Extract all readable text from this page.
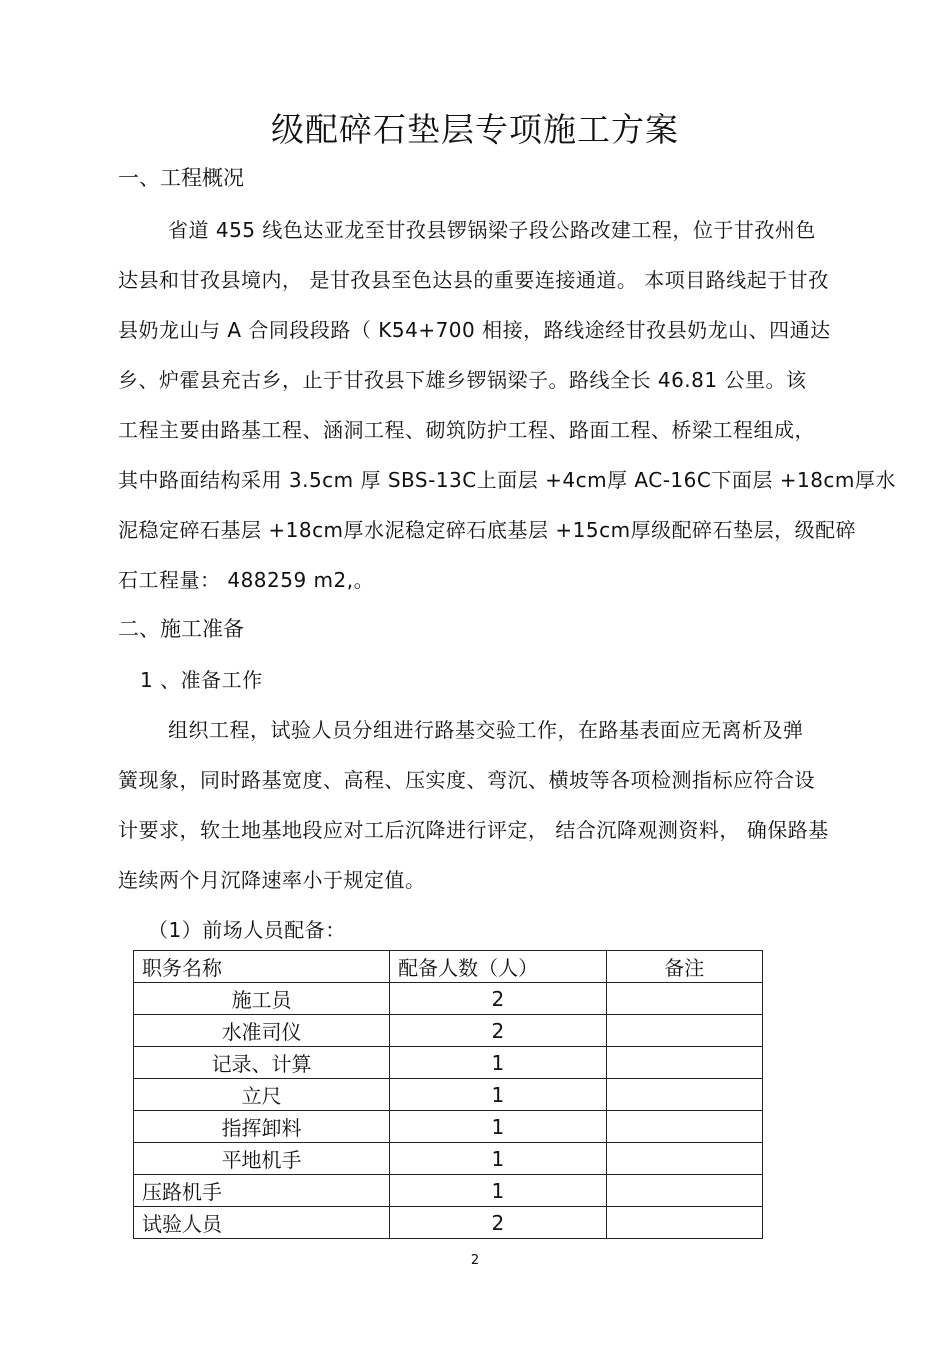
级配碎石垫层专项施工方案
一、工程概况
省道 455 线色达亚龙至甘孜县锣锅梁子段公路改建工程，位于甘孜州色
达县和甘孜县境内， 是甘孜县至色达县的重要连接通道。 本项目路线起于甘孜
县奶龙山与 A 合同段段路（ K54+700 相接，路线途经甘孜县奶龙山、四通达
乡、炉霍县充古乡，止于甘孜县下雄乡锣锅梁子。路线全长 46.81 公里。该
工程主要由路基工程、涵洞工程、砌筑防护工程、路面工程、桥梁工程组成，
其中路面结构采用 3.5cm 厚 SBS-13C上面层 +4cm厚 AC-16C下面层 +18cm厚水
泥稳定碎石基层 +18cm厚水泥稳定碎石底基层 +15cm厚级配碎石垫层，级配碎
石工程量： 488259 m2,。
二、施工准备
1 、准备工作
组织工程，试验人员分组进行路基交验工作，在路基表面应无离析及弹
簧现象，同时路基宽度、高程、压实度、弯沉、横坡等各项检测指标应符合设
计要求，软土地基地段应对工后沉降进行评定， 结合沉降观测资料， 确保路基
连续两个月沉降速率小于规定值。
（1）前场人员配备：
职务名称	配备人数（人）	备注
施工员	2	
水准司仪	2	
记录、计算	1	
立尺	1	
指挥卸料	1	
平地机手	1	
压路机手	1	
试验人员	2	
2
